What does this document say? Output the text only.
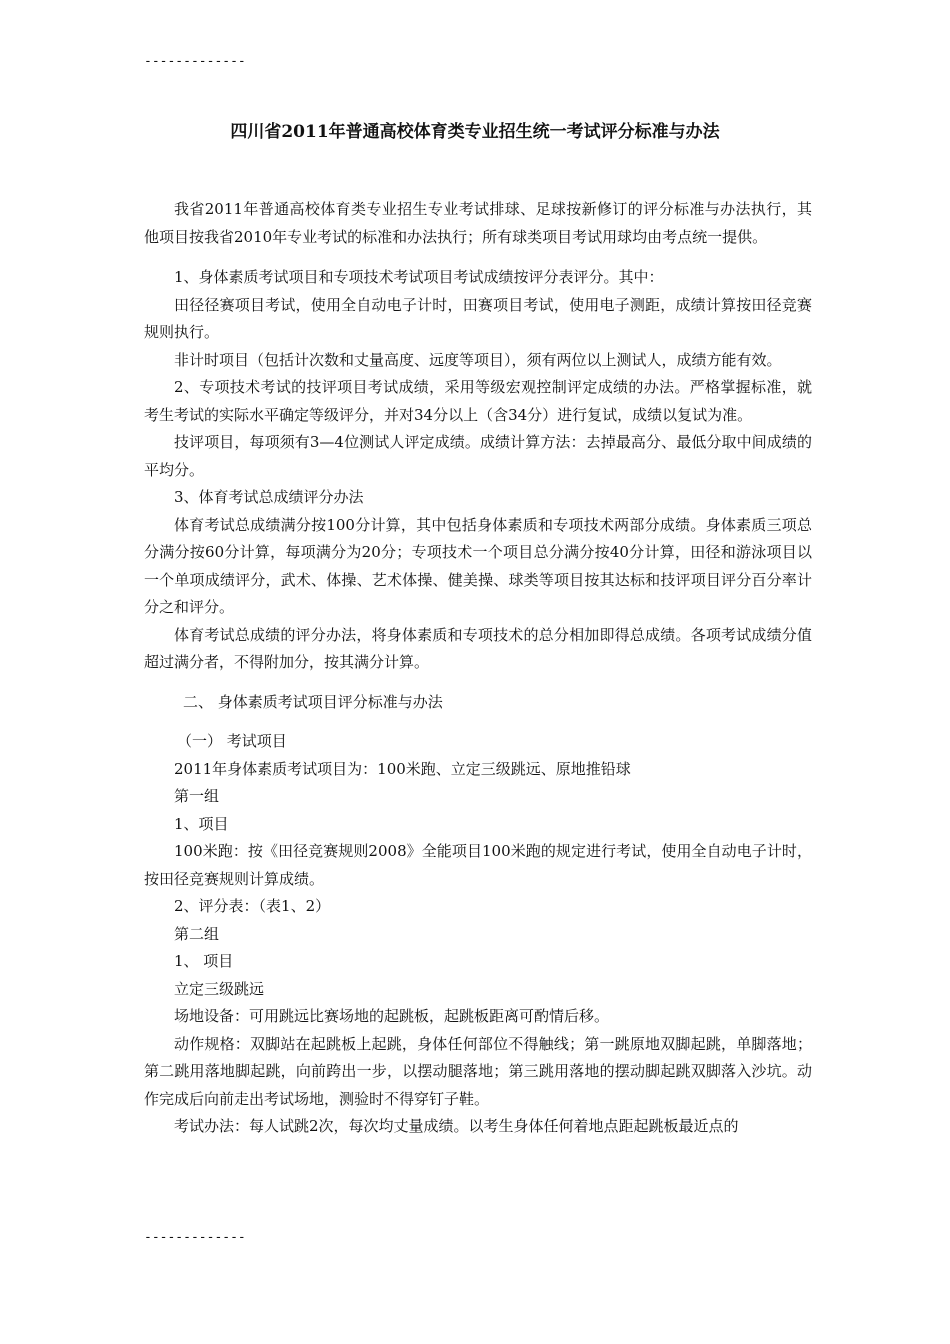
-------------
四川省2011年普通高校体育类专业招生统一考试评分标准与办法

我省2011年普通高校体育类专业招生专业考试排球、足球按新修订的评分标准与办法执行，其他项目按我省2010年专业考试的标准和办法执行；所有球类项目考试用球均由考点统一提供。

1、身体素质考试项目和专项技术考试项目考试成绩按评分表评分。其中：

田径径赛项目考试，使用全自动电子计时，田赛项目考试，使用电子测距，成绩计算按田径竞赛规则执行。

非计时项目（包括计次数和丈量高度、远度等项目），须有两位以上测试人，成绩方能有效。

2、专项技术考试的技评项目考试成绩，采用等级宏观控制评定成绩的办法。严格掌握标准，就考生考试的实际水平确定等级评分，并对34分以上（含34分）进行复试，成绩以复试为准。

技评项目，每项须有3—4位测试人评定成绩。成绩计算方法：去掉最高分、最低分取中间成绩的平均分。

3、体育考试总成绩评分办法

体育考试总成绩满分按100分计算，其中包括身体素质和专项技术两部分成绩。身体素质三项总分满分按60分计算，每项满分为20分；专项技术一个项目总分满分按40分计算，田径和游泳项目以一个单项成绩评分，武术、体操、艺术体操、健美操、球类等项目按其达标和技评项目评分百分率计分之和评分。

体育考试总成绩的评分办法，将身体素质和专项技术的总分相加即得总成绩。各项考试成绩分值超过满分者，不得附加分，按其满分计算。

二、 身体素质考试项目评分标准与办法

（一） 考试项目

2011年身体素质考试项目为：100米跑、立定三级跳远、原地推铅球

第一组

1、项目

100米跑：按《田径竞赛规则2008》全能项目100米跑的规定进行考试，使用全自动电子计时，按田径竞赛规则计算成绩。

2、评分表：（表1、2）

第二组

1、 项目

立定三级跳远

场地设备：可用跳远比赛场地的起跳板，起跳板距离可酌情后移。

动作规格：双脚站在起跳板上起跳，身体任何部位不得触线；第一跳原地双脚起跳，单脚落地；第二跳用落地脚起跳，向前跨出一步，以摆动腿落地；第三跳用落地的摆动脚起跳双脚落入沙坑。动作完成后向前走出考试场地，测验时不得穿钉子鞋。

考试办法：每人试跳2次，每次均丈量成绩。以考生身体任何着地点距起跳板最近点的

-------------
